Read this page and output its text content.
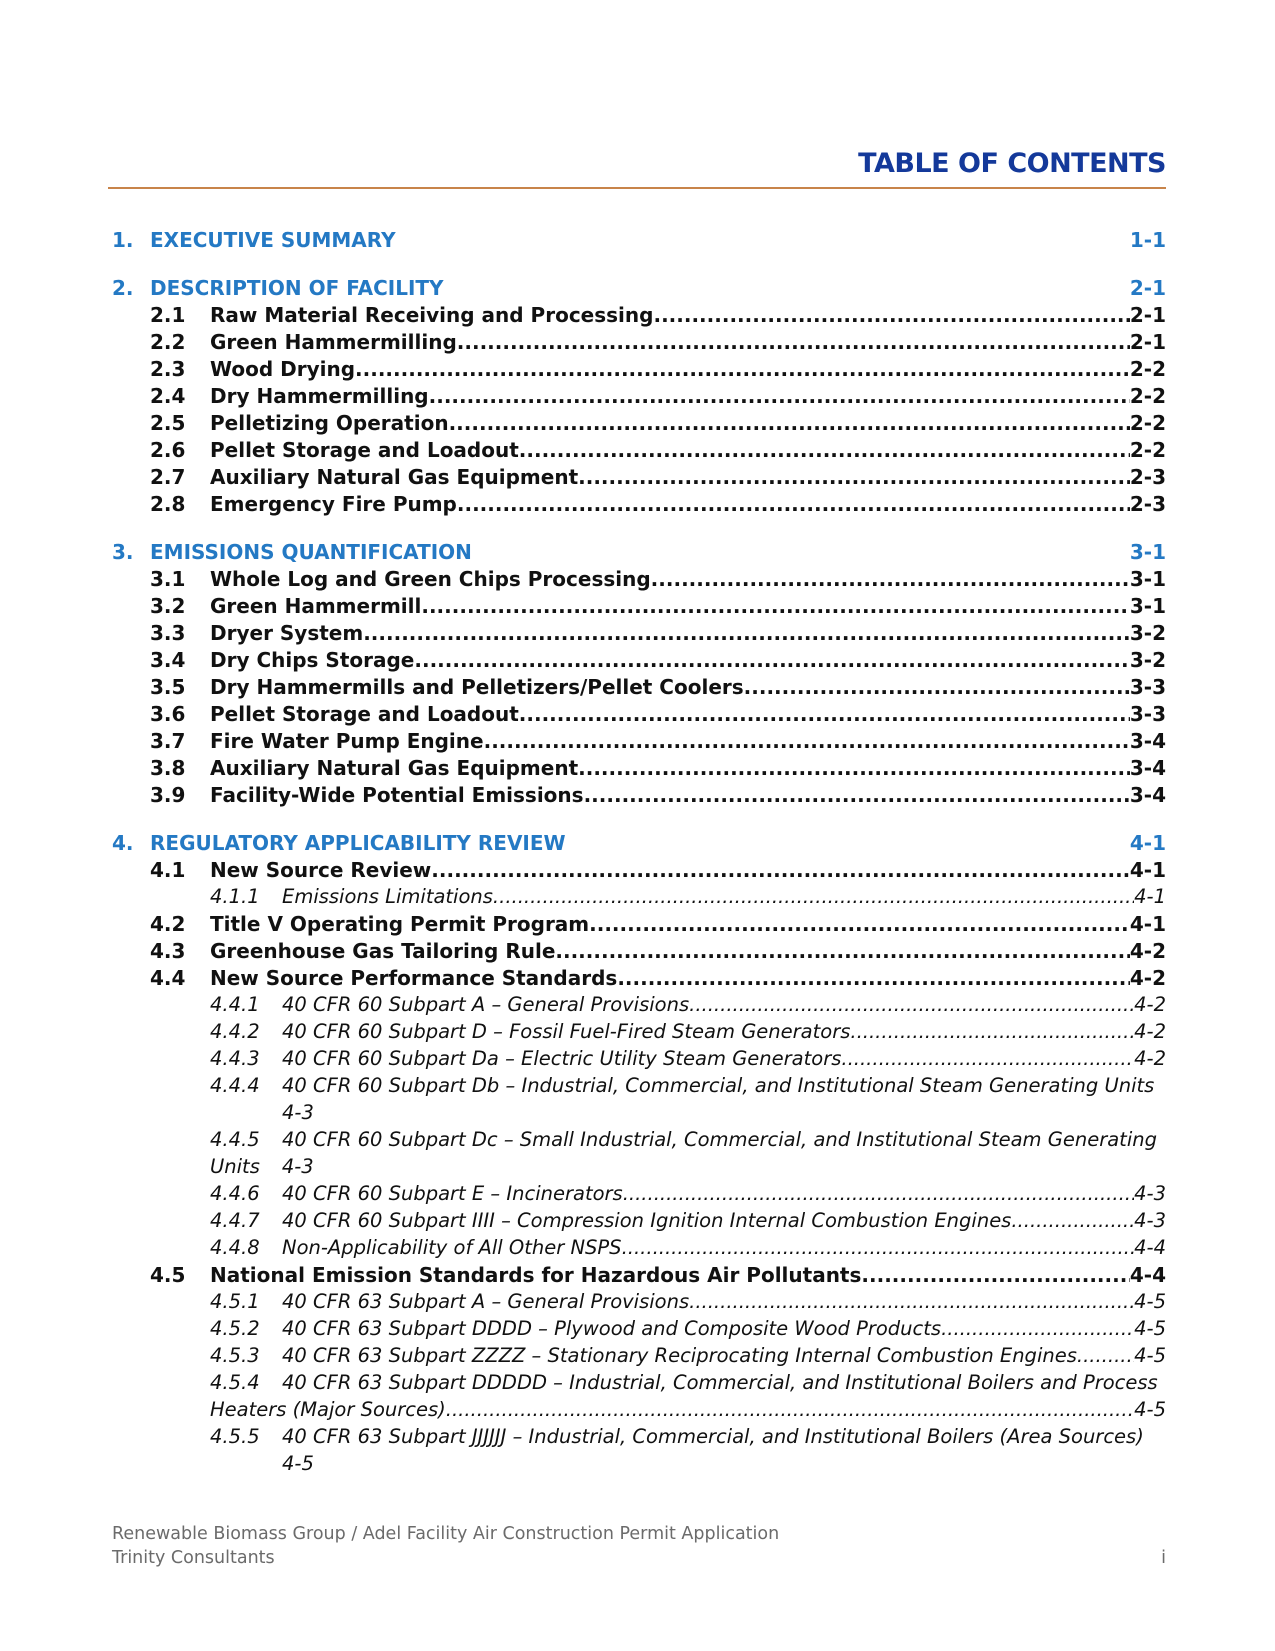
TABLE OF CONTENTS
1. EXECUTIVE SUMMARY	1-1
2. DESCRIPTION OF FACILITY	2-1
2.1	Raw Material Receiving and Processing .....	2-1
2.2	Green Hammermilling .....	2-1
2.3	Wood Drying .....	2-2
2.4	Dry Hammermilling .....	2-2
2.5	Pelletizing Operation .....	2-2
2.6	Pellet Storage and Loadout .....	2-2
2.7	Auxiliary Natural Gas Equipment .....	2-3
2.8	Emergency Fire Pump .....	2-3
3. EMISSIONS QUANTIFICATION	3-1
3.1	Whole Log and Green Chips Processing .....	3-1
3.2	Green Hammermill .....	3-1
3.3	Dryer System .....	3-2
3.4	Dry Chips Storage .....	3-2
3.5	Dry Hammermills and Pelletizers/Pellet Coolers .....	3-3
3.6	Pellet Storage and Loadout .....	3-3
3.7	Fire Water Pump Engine .....	3-4
3.8	Auxiliary Natural Gas Equipment .....	3-4
3.9	Facility-Wide Potential Emissions .....	3-4
4. REGULATORY APPLICABILITY REVIEW	4-1
4.1	New Source Review .....	4-1
4.1.1	Emissions Limitations .....	4-1
4.2	Title V Operating Permit Program .....	4-1
4.3	Greenhouse Gas Tailoring Rule .....	4-2
4.4	New Source Performance Standards .....	4-2
4.4.1	40 CFR 60 Subpart A – General Provisions .....	4-2
4.4.2	40 CFR 60 Subpart D – Fossil Fuel-Fired Steam Generators .....	4-2
4.4.3	40 CFR 60 Subpart Da – Electric Utility Steam Generators .....	4-2
4.4.4	40 CFR 60 Subpart Db – Industrial, Commercial, and Institutional Steam Generating Units
4-3
4.4.5	40 CFR 60 Subpart Dc – Small Industrial, Commercial, and Institutional Steam Generating
Units	4-3
4.4.6	40 CFR 60 Subpart E – Incinerators .....	4-3
4.4.7	40 CFR 60 Subpart IIII – Compression Ignition Internal Combustion Engines .....	4-3
4.4.8	Non-Applicability of All Other NSPS .....	4-4
4.5	National Emission Standards for Hazardous Air Pollutants .....	4-4
4.5.1	40 CFR 63 Subpart A – General Provisions .....	4-5
4.5.2	40 CFR 63 Subpart DDDD – Plywood and Composite Wood Products .....	4-5
4.5.3	40 CFR 63 Subpart ZZZZ – Stationary Reciprocating Internal Combustion Engines .....	4-5
4.5.4	40 CFR 63 Subpart DDDDD – Industrial, Commercial, and Institutional Boilers and Process
Heaters (Major Sources) .....	4-5
4.5.5	40 CFR 63 Subpart JJJJJJ – Industrial, Commercial, and Institutional Boilers (Area Sources)
4-5
Renewable Biomass Group / Adel Facility Air Construction Permit Application
Trinity Consultants	i
